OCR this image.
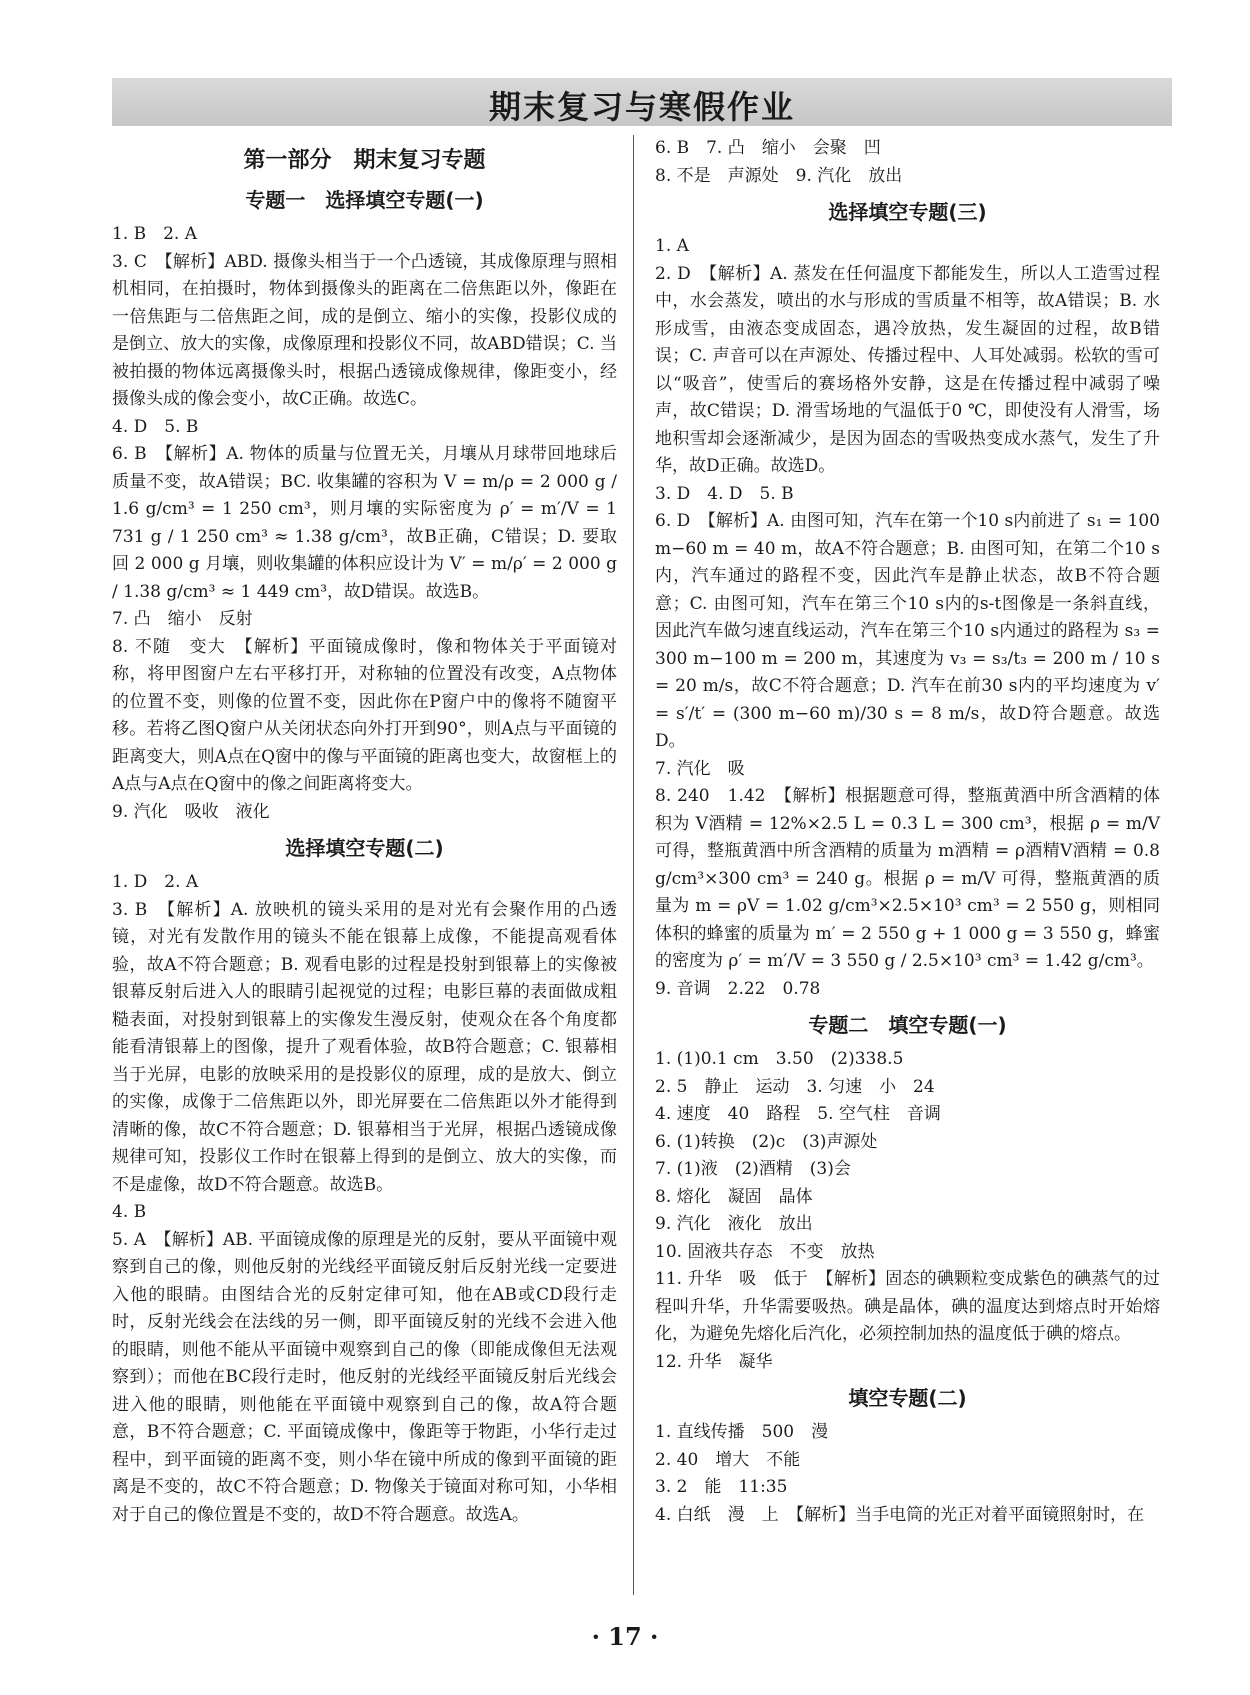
期末复习与寒假作业
第一部分　期末复习专题
专题一　选择填空专题(一)

1. B　2. A

3. C　【解析】ABD. 摄像头相当于一个凸透镜，其成像原理与照相机相同，在拍摄时，物体到摄像头的距离在二倍焦距以外，像距在一倍焦距与二倍焦距之间，成的是倒立、缩小的实像，投影仪成的是倒立、放大的实像，成像原理和投影仪不同，故ABD错误；C. 当被拍摄的物体远离摄像头时，根据凸透镜成像规律，像距变小，经摄像头成的像会变小，故C正确。故选C。

4. D　5. B

6. B　【解析】A. 物体的质量与位置无关，月壤从月球带回地球后质量不变，故A错误；BC. 收集罐的容积为 V = m/ρ = 2 000 g / 1.6 g/cm³ = 1 250 cm³，则月壤的实际密度为 ρ′ = m′/V = 1 731 g / 1 250 cm³ ≈ 1.38 g/cm³，故B正确，C错误；D. 要取回 2 000 g 月壤，则收集罐的体积应设计为 V′ = m/ρ′ = 2 000 g / 1.38 g/cm³ ≈ 1 449 cm³，故D错误。故选B。

7. 凸　缩小　反射

8. 不随　变大　【解析】平面镜成像时，像和物体关于平面镜对称，将甲图窗户左右平移打开，对称轴的位置没有改变，A点物体的位置不变，则像的位置不变，因此你在P窗户中的像将不随窗平移。若将乙图Q窗户从关闭状态向外打开到90°，则A点与平面镜的距离变大，则A点在Q窗中的像与平面镜的距离也变大，故窗框上的A点与A点在Q窗中的像之间距离将变大。

9. 汽化　吸收　液化

选择填空专题(二)

1. D　2. A

3. B　【解析】A. 放映机的镜头采用的是对光有会聚作用的凸透镜，对光有发散作用的镜头不能在银幕上成像，不能提高观看体验，故A不符合题意；B. 观看电影的过程是投射到银幕上的实像被银幕反射后进入人的眼睛引起视觉的过程；电影巨幕的表面做成粗糙表面，对投射到银幕上的实像发生漫反射，使观众在各个角度都能看清银幕上的图像，提升了观看体验，故B符合题意；C. 银幕相当于光屏，电影的放映采用的是投影仪的原理，成的是放大、倒立的实像，成像于二倍焦距以外，即光屏要在二倍焦距以外才能得到清晰的像，故C不符合题意；D. 银幕相当于光屏，根据凸透镜成像规律可知，投影仪工作时在银幕上得到的是倒立、放大的实像，而不是虚像，故D不符合题意。故选B。

4. B

5. A　【解析】AB. 平面镜成像的原理是光的反射，要从平面镜中观察到自己的像，则他反射的光线经平面镜反射后反射光线一定要进入他的眼睛。由图结合光的反射定律可知，他在AB或CD段行走时，反射光线会在法线的另一侧，即平面镜反射的光线不会进入他的眼睛，则他不能从平面镜中观察到自己的像（即能成像但无法观察到）；而他在BC段行走时，他反射的光线经平面镜反射后光线会进入他的眼睛，则他能在平面镜中观察到自己的像，故A符合题意，B不符合题意；C. 平面镜成像中，像距等于物距，小华行走过程中，到平面镜的距离不变，则小华在镜中所成的像到平面镜的距离是不变的，故C不符合题意；D. 物像关于镜面对称可知，小华相对于自己的像位置是不变的，故D不符合题意。故选A。

6. B　7. 凸　缩小　会聚　凹

8. 不是　声源处　9. 汽化　放出

选择填空专题(三)

1. A

2. D　【解析】A. 蒸发在任何温度下都能发生，所以人工造雪过程中，水会蒸发，喷出的水与形成的雪质量不相等，故A错误；B. 水形成雪，由液态变成固态，遇冷放热，发生凝固的过程，故B错误；C. 声音可以在声源处、传播过程中、人耳处减弱。松软的雪可以“吸音”，使雪后的赛场格外安静，这是在传播过程中减弱了噪声，故C错误；D. 滑雪场地的气温低于0 ℃，即使没有人滑雪，场地积雪却会逐渐减少，是因为固态的雪吸热变成水蒸气，发生了升华，故D正确。故选D。

3. D　4. D　5. B

6. D　【解析】A. 由图可知，汽车在第一个10 s内前进了 s₁ = 100 m−60 m = 40 m，故A不符合题意；B. 由图可知，在第二个10 s内，汽车通过的路程不变，因此汽车是静止状态，故B不符合题意；C. 由图可知，汽车在第三个10 s内的s-t图像是一条斜直线，因此汽车做匀速直线运动，汽车在第三个10 s内通过的路程为 s₃ = 300 m−100 m = 200 m，其速度为 v₃ = s₃/t₃ = 200 m / 10 s = 20 m/s，故C不符合题意；D. 汽车在前30 s内的平均速度为 v′ = s′/t′ = (300 m−60 m)/30 s = 8 m/s，故D符合题意。故选D。

7. 汽化　吸

8. 240　1.42　【解析】根据题意可得，整瓶黄酒中所含酒精的体积为 V酒精 = 12%×2.5 L = 0.3 L = 300 cm³，根据 ρ = m/V 可得，整瓶黄酒中所含酒精的质量为 m酒精 = ρ酒精V酒精 = 0.8 g/cm³×300 cm³ = 240 g。根据 ρ = m/V 可得，整瓶黄酒的质量为 m = ρV = 1.02 g/cm³×2.5×10³ cm³ = 2 550 g，则相同体积的蜂蜜的质量为 m′ = 2 550 g + 1 000 g = 3 550 g，蜂蜜的密度为 ρ′ = m′/V = 3 550 g / 2.5×10³ cm³ = 1.42 g/cm³。

9. 音调　2.22　0.78

专题二　填空专题(一)

1. (1)0.1 cm　3.50　(2)338.5

2. 5　静止　运动　3. 匀速　小　24

4. 速度　40　路程　5. 空气柱　音调

6. (1)转换　(2)c　(3)声源处

7. (1)液　(2)酒精　(3)会

8. 熔化　凝固　晶体

9. 汽化　液化　放出

10. 固液共存态　不变　放热

11. 升华　吸　低于　【解析】固态的碘颗粒变成紫色的碘蒸气的过程叫升华，升华需要吸热。碘是晶体，碘的温度达到熔点时开始熔化，为避免先熔化后汽化，必须控制加热的温度低于碘的熔点。

12. 升华　凝华

填空专题(二)

1. 直线传播　500　漫

2. 40　增大　不能

3. 2　能　11:35

4. 白纸　漫　上　【解析】当手电筒的光正对着平面镜照射时，在

· 17 ·
